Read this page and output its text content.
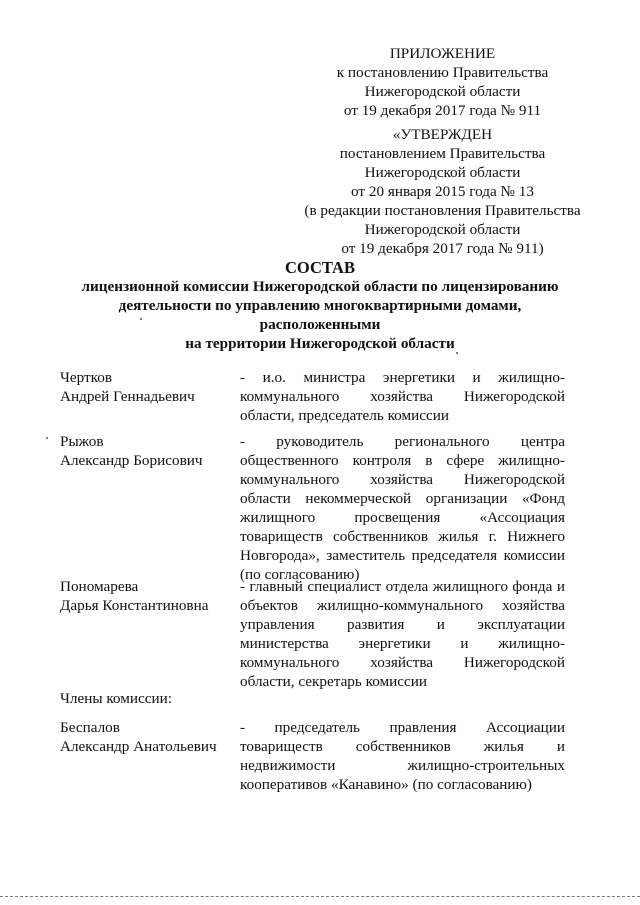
ПРИЛОЖЕНИЕ

к постановлению Правительства

Нижегородской области

от 19 декабря 2017 года № 911

«УТВЕРЖДЕН

постановлением Правительства

Нижегородской области

от 20 января 2015 года № 13

(в редакции постановления Правительства

Нижегородской области

от 19 декабря 2017 года № 911)

СОСТАВ

лицензионной комиссии Нижегородской области по лицензированию

деятельности по управлению многоквартирными домами, расположенными

на территории Нижегородской области

Чертков
Андрей Геннадьевич
- и.о. министра энергетики и жилищно-коммунального хозяйства Нижегородской области, председатель комиссии
Рыжов
Александр Борисович
- руководитель регионального центра общественного контроля в сфере жилищно-коммунального хозяйства Нижегородской области некоммерческой организации «Фонд жилищного просвещения «Ассоциация товариществ собственников жилья г. Нижнего Новгорода», заместитель председателя комиссии (по согласованию)
Пономарева
Дарья Константиновна
- главный специалист отдела жилищного фонда и объектов жилищно-коммунального хозяйства управления развития и эксплуатации министерства энергетики и жилищно-коммунального хозяйства Нижегородской области, секретарь комиссии
Члены комиссии:
Беспалов
Александр Анатольевич
- председатель правления Ассоциации товариществ собственников жилья и недвижимости жилищно-строительных кооперативов «Канавино» (по согласованию)
